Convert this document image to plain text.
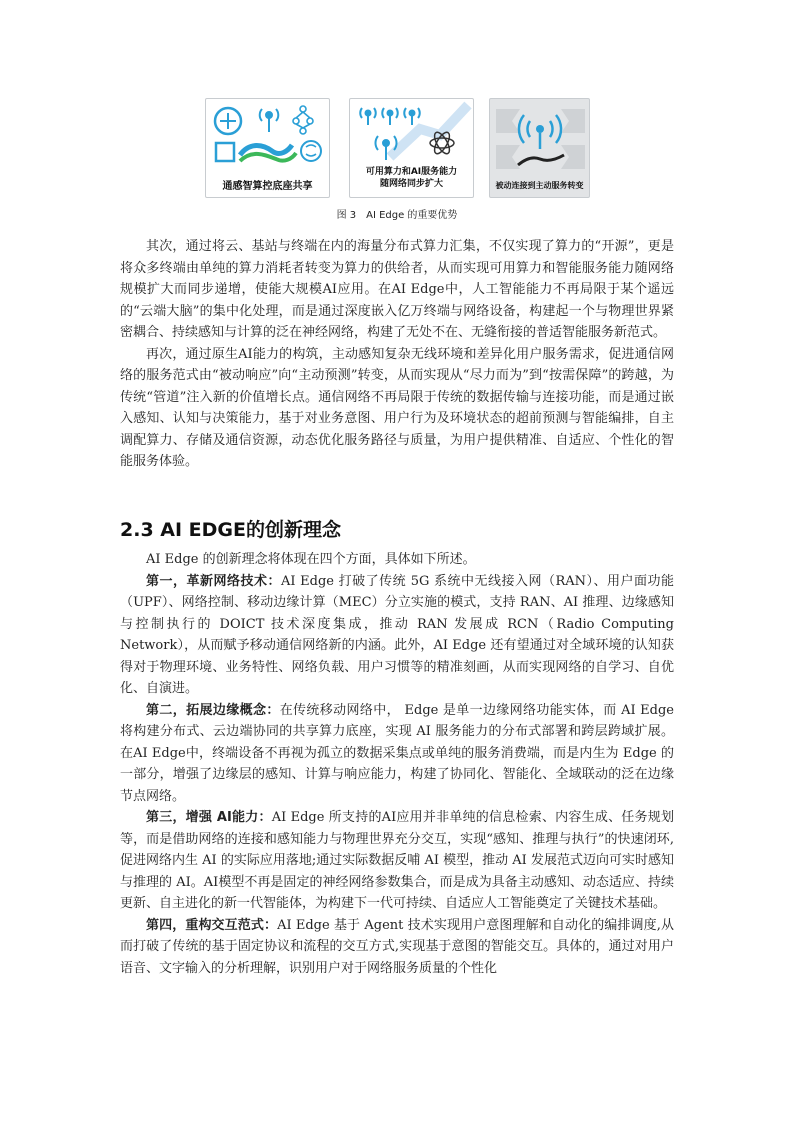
通感智算控底座共享
可用算力和AI服务能力
随网络同步扩大	被动连接到主动服务转变
图 3　AI Edge 的重要优势

其次，通过将云、基站与终端在内的海量分布式算力汇集，不仅实现了算力的“开源”，更是将众多终端由单纯的算力消耗者转变为算力的供给者，从而实现可用算力和智能服务能力随网络规模扩大而同步递增，使能大规模AI应用。在AI Edge中，人工智能能力不再局限于某个遥远的“云端大脑”的集中化处理，而是通过深度嵌入亿万终端与网络设备，构建起一个与物理世界紧密耦合、持续感知与计算的泛在神经网络，构建了无处不在、无缝衔接的普适智能服务新范式。

再次，通过原生AI能力的构筑，主动感知复杂无线环境和差异化用户服务需求，促进通信网络的服务范式由“被动响应”向“主动预测”转变，从而实现从“尽力而为”到“按需保障”的跨越，为传统“管道”注入新的价值增长点。通信网络不再局限于传统的数据传输与连接功能，而是通过嵌入感知、认知与决策能力，基于对业务意图、用户行为及环境状态的超前预测与智能编排，自主调配算力、存储及通信资源，动态优化服务路径与质量，为用户提供精准、自适应、个性化的智能服务体验。

2.3 AI EDGE的创新理念

AI Edge 的创新理念将体现在四个方面，具体如下所述。

第一，革新网络技术：AI Edge 打破了传统 5G 系统中无线接入网（RAN）、用户面功能（UPF）、网络控制、移动边缘计算（MEC）分立实施的模式，支持 RAN、AI 推理、边缘感知与控制执行的 DOICT 技术深度集成，推动 RAN 发展成 RCN（Radio Computing Network），从而赋予移动通信网络新的内涵。此外，AI Edge 还有望通过对全域环境的认知获得对于物理环境、业务特性、网络负载、用户习惯等的精准刻画，从而实现网络的自学习、自优化、自演进。

第二，拓展边缘概念：在传统移动网络中， Edge 是单一边缘网络功能实体，而 AI Edge 将构建分布式、云边端协同的共享算力底座，实现 AI 服务能力的分布式部署和跨层跨域扩展。在AI Edge中，终端设备不再视为孤立的数据采集点或单纯的服务消费端，而是内生为 Edge 的一部分，增强了边缘层的感知、计算与响应能力，构建了协同化、智能化、全域联动的泛在边缘节点网络。

第三，增强 AI能力：AI Edge 所支持的AI应用并非单纯的信息检索、内容生成、任务规划等，而是借助网络的连接和感知能力与物理世界充分交互，实现“感知、推理与执行”的快速闭环,促进网络内生 AI 的实际应用落地;通过实际数据反哺 AI 模型，推动 AI 发展范式迈向可实时感知与推理的 AI。AI模型不再是固定的神经网络参数集合，而是成为具备主动感知、动态适应、持续更新、自主进化的新一代智能体，为构建下一代可持续、自适应人工智能奠定了关键技术基础。

第四，重构交互范式：AI Edge 基于 Agent 技术实现用户意图理解和自动化的编排调度,从而打破了传统的基于固定协议和流程的交互方式,实现基于意图的智能交互。具体的，通过对用户语音、文字输入的分析理解，识别用户对于网络服务质量的个性化
